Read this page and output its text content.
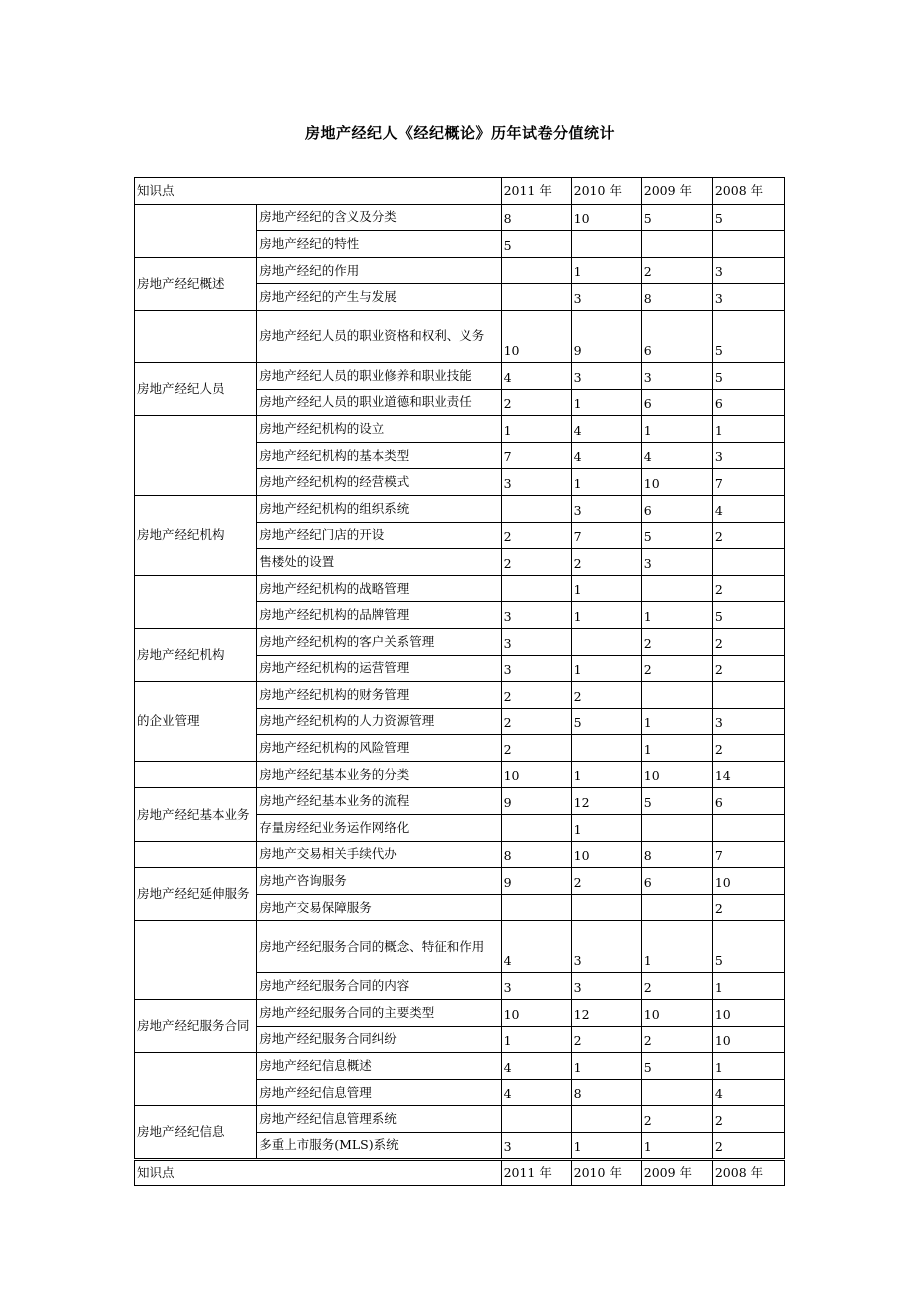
房地产经纪人《经纪概论》历年试卷分值统计
知识点		2011 年	2010 年	2009 年	2008 年
	房地产经纪的含义及分类	8	10	5	5
	房地产经纪的特性	5			
房地产经纪概述	房地产经纪的作用		1	2	3
	房地产经纪的产生与发展		3	8	3
	房地产经纪人员的职业资格和权利、义务	10	9	6	5
房地产经纪人员	房地产经纪人员的职业修养和职业技能	4	3	3	5
	房地产经纪人员的职业道德和职业责任	2	1	6	6
	房地产经纪机构的设立	1	4	1	1
	房地产经纪机构的基本类型	7	4	4	3
	房地产经纪机构的经营模式	3	1	10	7
房地产经纪机构	房地产经纪机构的组织系统		3	6	4
	房地产经纪门店的开设	2	7	5	2
	售楼处的设置	2	2	3	
	房地产经纪机构的战略管理		1		2
	房地产经纪机构的品牌管理	3	1	1	5
房地产经纪机构	房地产经纪机构的客户关系管理	3		2	2
	房地产经纪机构的运营管理	3	1	2	2
的企业管理	房地产经纪机构的财务管理	2	2		
	房地产经纪机构的人力资源管理	2	5	1	3
	房地产经纪机构的风险管理	2		1	2
	房地产经纪基本业务的分类	10	1	10	14
房地产经纪基本业务	房地产经纪基本业务的流程	9	12	5	6
	存量房经纪业务运作网络化		1		
	房地产交易相关手续代办	8	10	8	7
房地产经纪延伸服务	房地产咨询服务	9	2	6	10
	房地产交易保障服务				2
	房地产经纪服务合同的概念、特征和作用	4	3	1	5
	房地产经纪服务合同的内容	3	3	2	1
房地产经纪服务合同	房地产经纪服务合同的主要类型	10	12	10	10
	房地产经纪服务合同纠纷	1	2	2	10
	房地产经纪信息概述	4	1	5	1
	房地产经纪信息管理	4	8		4
房地产经纪信息	房地产经纪信息管理系统			2	2
	多重上市服务(MLS)系统	3	1	1	2
知识点		2011 年	2010 年	2009 年	2008 年
